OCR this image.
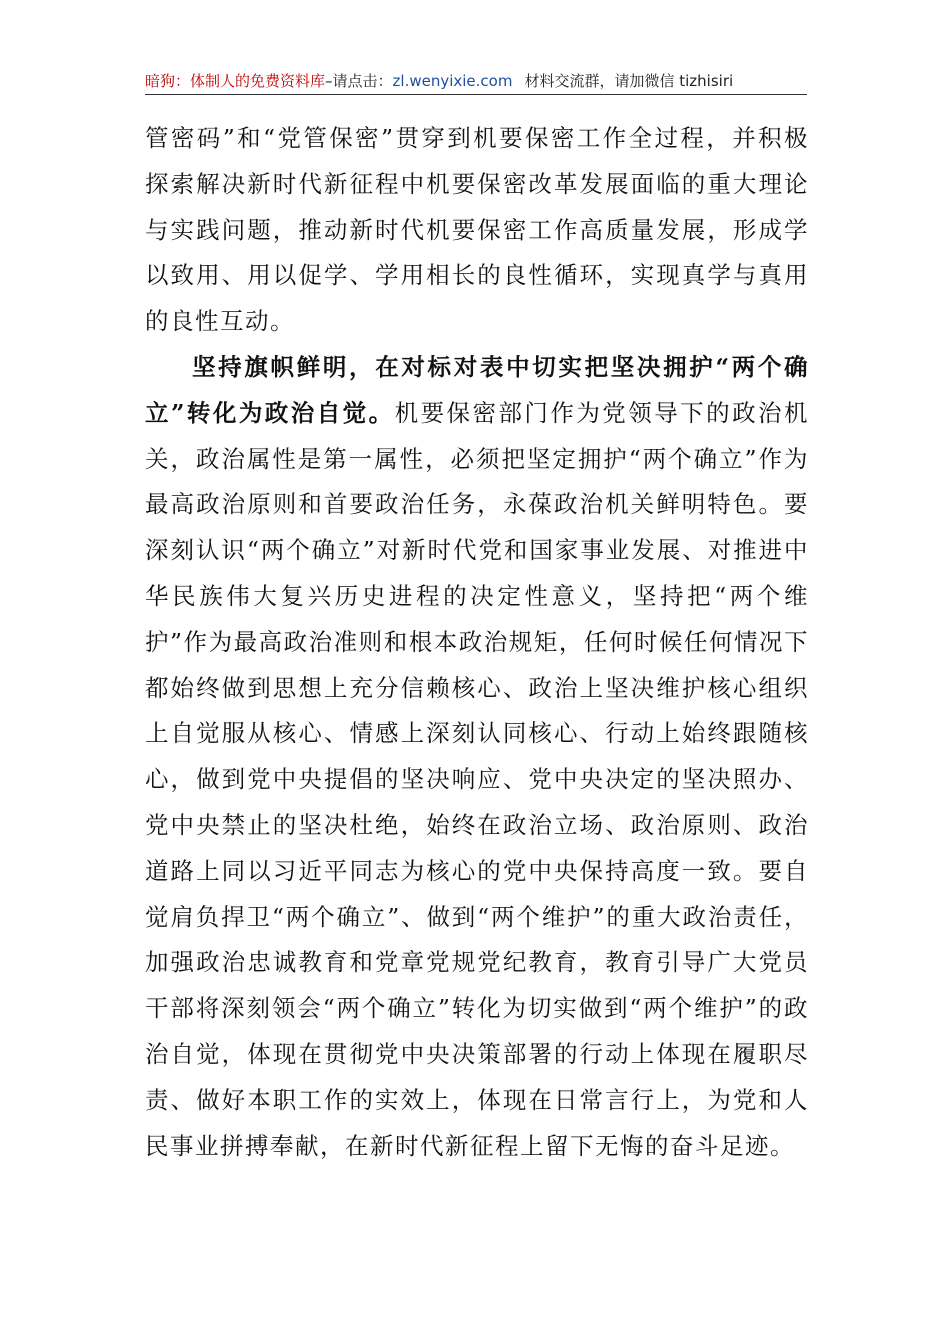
暗狗：体制人的免费资料库–请点击：zl.wenyixie.com 材料交流群，请加微信 tizhisiri

管密码”和“党管保密”贯穿到机要保密工作全过程，并积极探索解决新时代新征程中机要保密改革发展面临的重大理论与实践问题，推动新时代机要保密工作高质量发展，形成学以致用、用以促学、学用相长的良性循环，实现真学与真用的良性互动。

坚持旗帜鲜明，在对标对表中切实把坚决拥护“两个确立”转化为政治自觉。机要保密部门作为党领导下的政治机关，政治属性是第一属性，必须把坚定拥护“两个确立”作为最高政治原则和首要政治任务，永葆政治机关鲜明特色。要深刻认识“两个确立”对新时代党和国家事业发展、对推进中华民族伟大复兴历史进程的决定性意义，坚持把“两个维护”作为最高政治准则和根本政治规矩，任何时候任何情况下都始终做到思想上充分信赖核心、政治上坚决维护核心组织上自觉服从核心、情感上深刻认同核心、行动上始终跟随核心，做到党中央提倡的坚决响应、党中央决定的坚决照办、党中央禁止的坚决杜绝，始终在政治立场、政治原则、政治道路上同以习近平同志为核心的党中央保持高度一致。要自觉肩负捍卫“两个确立”、做到“两个维护”的重大政治责任，加强政治忠诚教育和党章党规党纪教育，教育引导广大党员干部将深刻领会“两个确立”转化为切实做到“两个维护”的政治自觉，体现在贯彻党中央决策部署的行动上体现在履职尽责、做好本职工作的实效上，体现在日常言行上，为党和人民事业拼搏奉献，在新时代新征程上留下无悔的奋斗足迹。
